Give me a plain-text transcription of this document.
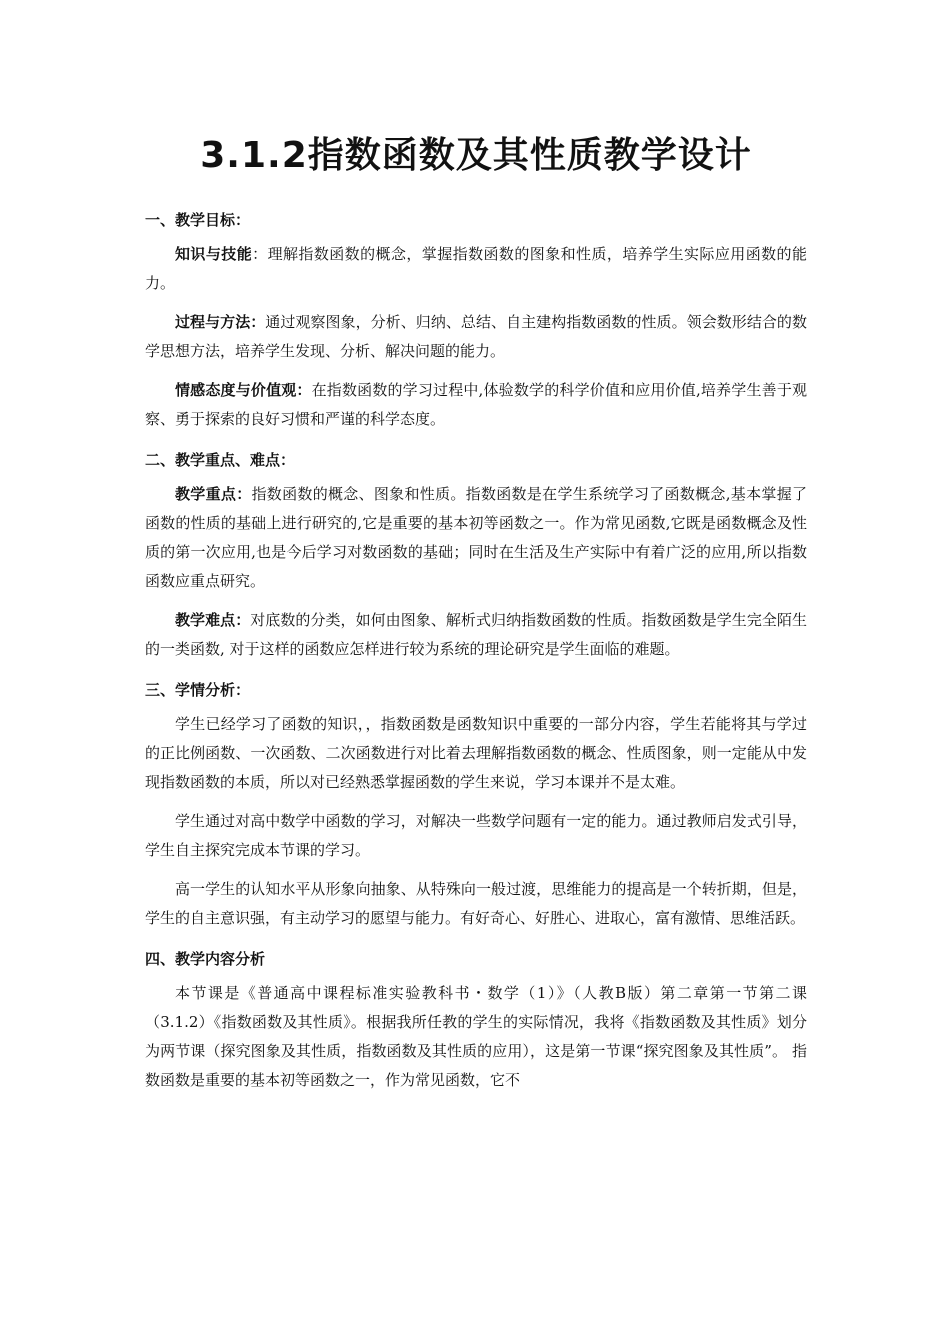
3.1.2指数函数及其性质教学设计
一、教学目标：

知识与技能：理解指数函数的概念，掌握指数函数的图象和性质，培养学生实际应用函数的能力。

过程与方法：通过观察图象，分析、归纳、总结、自主建构指数函数的性质。领会数形结合的数学思想方法，培养学生发现、分析、解决问题的能力。

情感态度与价值观：在指数函数的学习过程中,体验数学的科学价值和应用价值,培养学生善于观察、勇于探索的良好习惯和严谨的科学态度。

二、教学重点、难点：

教学重点：指数函数的概念、图象和性质。指数函数是在学生系统学习了函数概念,基本掌握了函数的性质的基础上进行研究的,它是重要的基本初等函数之一。作为常见函数,它既是函数概念及性质的第一次应用,也是今后学习对数函数的基础；同时在生活及生产实际中有着广泛的应用,所以指数函数应重点研究。

教学难点：对底数的分类，如何由图象、解析式归纳指数函数的性质。指数函数是学生完全陌生的一类函数, 对于这样的函数应怎样进行较为系统的理论研究是学生面临的难题。

三、学情分析：

学生已经学习了函数的知识，，指数函数是函数知识中重要的一部分内容，学生若能将其与学过的正比例函数、一次函数、二次函数进行对比着去理解指数函数的概念、性质图象，则一定能从中发现指数函数的本质，所以对已经熟悉掌握函数的学生来说，学习本课并不是太难。

学生通过对高中数学中函数的学习，对解决一些数学问题有一定的能力。通过教师启发式引导，学生自主探究完成本节课的学习。

高一学生的认知水平从形象向抽象、从特殊向一般过渡，思维能力的提高是一个转折期，但是，学生的自主意识强，有主动学习的愿望与能力。有好奇心、好胜心、进取心，富有激情、思维活跃。

四、教学内容分析

本节课是《普通高中课程标准实验教科书・数学（1）》（人教B版）第二章第一节第二课（3.1.2）《指数函数及其性质》。根据我所任教的学生的实际情况，我将《指数函数及其性质》划分为两节课（探究图象及其性质，指数函数及其性质的应用），这是第一节课“探究图象及其性质”。 指数函数是重要的基本初等函数之一，作为常见函数，它不
